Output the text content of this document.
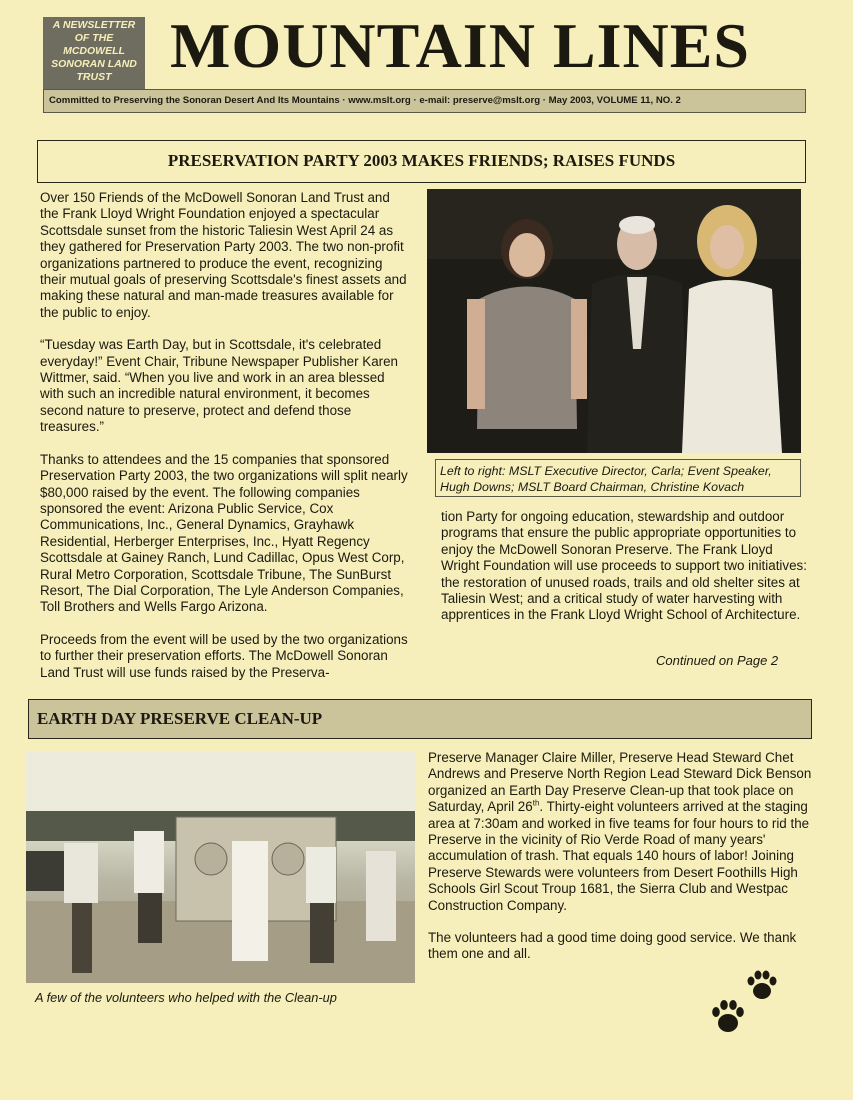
A NEWSLETTER
OF THE
MCDOWELL
SONORAN LAND
TRUST MOUNTAIN LINES
Committed to Preserving the Sonoran Desert And Its Mountains · www.mslt.org · e-mail: preserve@mslt.org · May 2003, VOLUME 11, NO. 2
PRESERVATION PARTY 2003 MAKES FRIENDS; RAISES FUNDS

Over 150 Friends of the McDowell Sonoran Land Trust and the Frank Lloyd Wright Foundation enjoyed a spectacular Scottsdale sunset from the historic Taliesin West April 24 as they gathered for Preservation Party 2003. The two non-profit organizations partnered to produce the event, recognizing their mutual goals of preserving Scottsdale's finest assets and making these natural and man-made treasures available for the public to enjoy.

“Tuesday was Earth Day, but in Scottsdale, it's celebrated everyday!” Event Chair, Tribune Newspaper Publisher Karen Wittmer, said. “When you live and work in an area blessed with such an incredible natural environment, it becomes second nature to preserve, protect and defend those treasures.”

Thanks to attendees and the 15 companies that sponsored Preservation Party 2003, the two organizations will split nearly $80,000 raised by the event. The following companies sponsored the event: Arizona Public Service, Cox Communications, Inc., General Dynamics, Grayhawk Residential, Herberger Enterprises, Inc., Hyatt Regency Scottsdale at Gainey Ranch, Lund Cadillac, Opus West Corp, Rural Metro Corporation, Scottsdale Tribune, The SunBurst Resort, The Dial Corporation, The Lyle Anderson Companies, Toll Brothers and Wells Fargo Arizona.

Proceeds from the event will be used by the two organizations to further their preservation efforts. The McDowell Sonoran Land Trust will use funds raised by the Preserva-

Left to right: MSLT Executive Director, Carla; Event Speaker,
Hugh Downs; MSLT Board Chairman, Christine Kovach

tion Party for ongoing education, stewardship and outdoor programs that ensure the public appropriate opportunities to enjoy the McDowell Sonoran Preserve. The Frank Lloyd Wright Foundation will use proceeds to support two initiatives: the restoration of unused roads, trails and old shelter sites at Taliesin West; and a critical study of water harvesting with apprentices in the Frank Lloyd Wright School of Architecture.

Continued on Page 2
EARTH DAY PRESERVE CLEAN-UP
A few of the volunteers who helped with the Clean-up

Preserve Manager Claire Miller, Preserve Head Steward Chet Andrews and Preserve North Region Lead Steward Dick Benson organized an Earth Day Preserve Clean-up that took place on Saturday, April 26th. Thirty-eight volunteers arrived at the staging area at 7:30am and worked in five teams for four hours to rid the Preserve in the vicinity of Rio Verde Road of many years' accumulation of trash. That equals 140 hours of labor! Joining Preserve Stewards were volunteers from Desert Foothills High Schools Girl Scout Troup 1681, the Sierra Club and Westpac Construction Company.

The volunteers had a good time doing good service. We thank them one and all.
